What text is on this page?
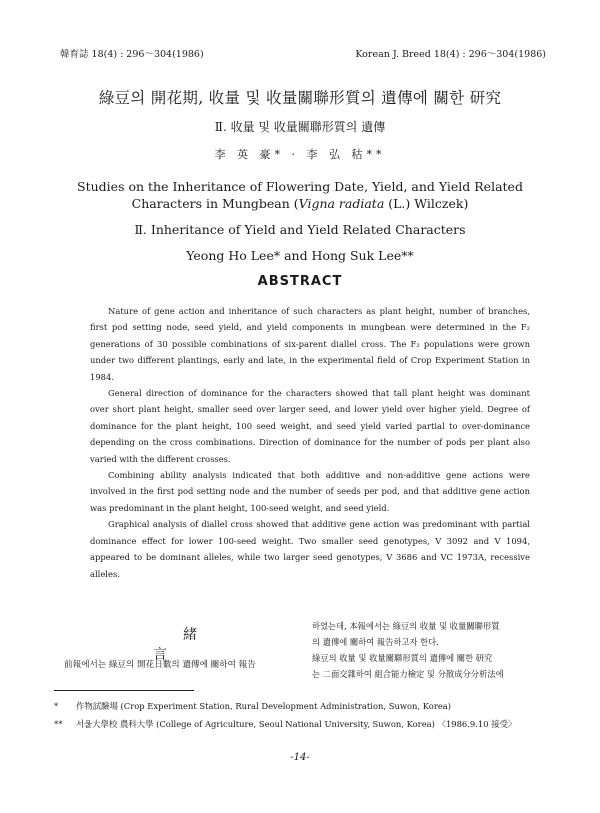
韓育誌 18(4) : 296～304(1986)	Korean J. Breed 18(4) : 296～304(1986)
綠豆의 開花期, 收量 및 收量關聯形質의 遺傳에 關한 研究
Ⅱ. 收量 및 收量關聯形質의 遺傳
李 英 豪* · 李 弘 秙**
Studies on the Inheritance of Flowering Date, Yield, and Yield Related
Characters in Mungbean (Vigna radiata (L.) Wilczek)
Ⅱ. Inheritance of Yield and Yield Related Characters
Yeong Ho Lee* and Hong Suk Lee**
ABSTRACT

Nature of gene action and inheritance of such characters as plant height, number of branches, first pod setting node, seed yield, and yield components in mungbean were determined in the F₂ generations of 30 possible combinations of six-parent diallel cross. The F₂ populations were grown under two different plantings, early and late, in the experimental field of Crop Experiment Station in 1984.

General direction of dominance for the characters showed that tall plant height was dominant over short plant height, smaller seed over larger seed, and lower yield over higher yield. Degree of dominance for the plant height, 100 seed weight, and seed yield varied partial to over-dominance depending on the cross combinations. Direction of dominance for the number of pods per plant also varied with the different crosses.

Combining ability analysis indicated that both additive and non-additive gene actions were involved in the first pod setting node and the number of seeds per pod, and that additive gene action was predominant in the plant height, 100-seed weight, and seed yield.

Graphical analysis of diallel cross showed that additive gene action was predominant with partial dominance effect for lower 100-seed weight. Two smaller seed genotypes, V 3092 and V 1094, appeared to be dominant alleles, while two larger seed genotypes, V 3686 and VC 1973A, recessive alleles.

緒 言
前報에서는 綠豆의 開花日數의 遺傳에 關하여 報告

하였는데, 本報에서는 綠豆의 收量 및 收量關聯形質

의 遺傳에 關하여 報告하고자 한다.

綠豆의 收量 및 收量關聯形質의 遺傳에 關한 研究

는 二面交雜하여 組合能力檢定 및 分散成分分析法에

* 作物試驗場 (Crop Experiment Station, Rural Development Administration, Suwon, Korea)
** 서울大學校 農科大學 (College of Agriculture, Seoul National University, Suwon, Korea) 〈1986.9.10 接受〉
-14-
